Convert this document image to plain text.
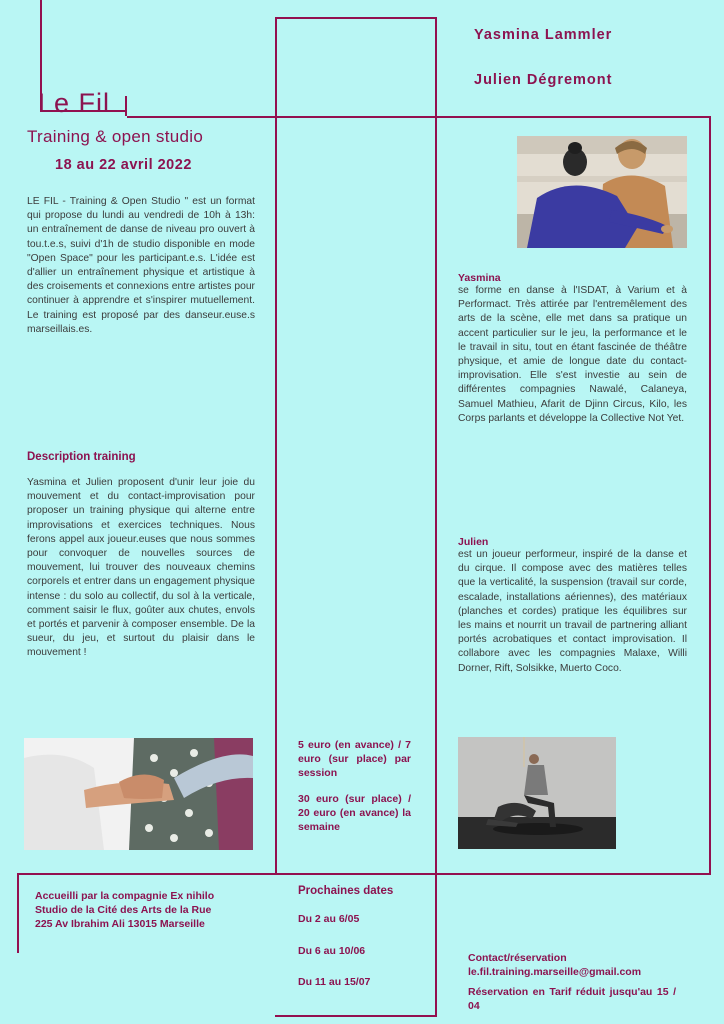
Le Fil
Training & open studio
18 au 22 avril 2022
Yasmina Lammler
Julien Dégremont
LE FIL - Training & Open Studio " est un format qui propose du lundi au vendredi de 10h à 13h: un entraînement de danse de niveau pro ouvert à tou.t.e.s, suivi d'1h de studio disponible en mode "Open Space" pour les participant.e.s. L'idée est d'allier un entraînement physique et artistique à des croisements et connexions entre artistes pour continuer à apprendre et s'inspirer mutuellement. Le training est proposé par des danseur.euse.s marseillais.es.
Description training
Yasmina et Julien proposent d'unir leur joie du mouvement et du contact-improvisation pour proposer un training physique qui alterne entre improvisations et exercices techniques. Nous ferons appel aux joueur.euses que nous sommes pour convoquer de nouvelles sources de mouvement, lui trouver des nouveaux chemins corporels et entrer dans un engagement physique intense : du solo au collectif, du sol à la verticale, comment saisir le flux, goûter aux chutes, envols et portés et parvenir à composer ensemble. De la sueur, du jeu, et surtout du plaisir dans le mouvement !
Yasmina
se forme en danse à l'ISDAT, à Varium et à Performact. Très attirée par l'entremêlement des arts de la scène, elle met dans sa pratique un accent particulier sur le jeu, la performance et le le travail in situ, tout en étant fascinée de théâtre physique, et amie de longue date du contact-improvisation. Elle s'est investie au sein de différentes compagnies Nawalé, Calaneya, Samuel Mathieu, Afarit de Djinn Circus, Kilo, les Corps parlants et développe la Collective Not Yet.
Julien
est un joueur performeur, inspiré de la danse et du cirque. Il compose avec des matières telles que la verticalité, la suspension (travail sur corde, escalade, installations aériennes), des matériaux (planches et cordes) pratique les équilibres sur les mains et nourrit un travail de partnering alliant portés acrobatiques et contact improvisation. Il collabore avec les compagnies Malaxe, Willi Dorner, Rift, Solsikke, Muerto Coco.
5 euro (en avance) / 7 euro (sur place) par session
30 euro (sur place) / 20 euro (en avance) la semaine
Accueilli par la compagnie Ex nihilo
Studio de la Cité des Arts de la Rue
225 Av Ibrahim Ali 13015 Marseille
Prochaines dates
Du 2 au 6/05
Du 6 au 10/06
Du 11 au 15/07
Contact/réservation
le.fil.training.marseille@gmail.com
Réservation en Tarif réduit jusqu'au 15 / 04
